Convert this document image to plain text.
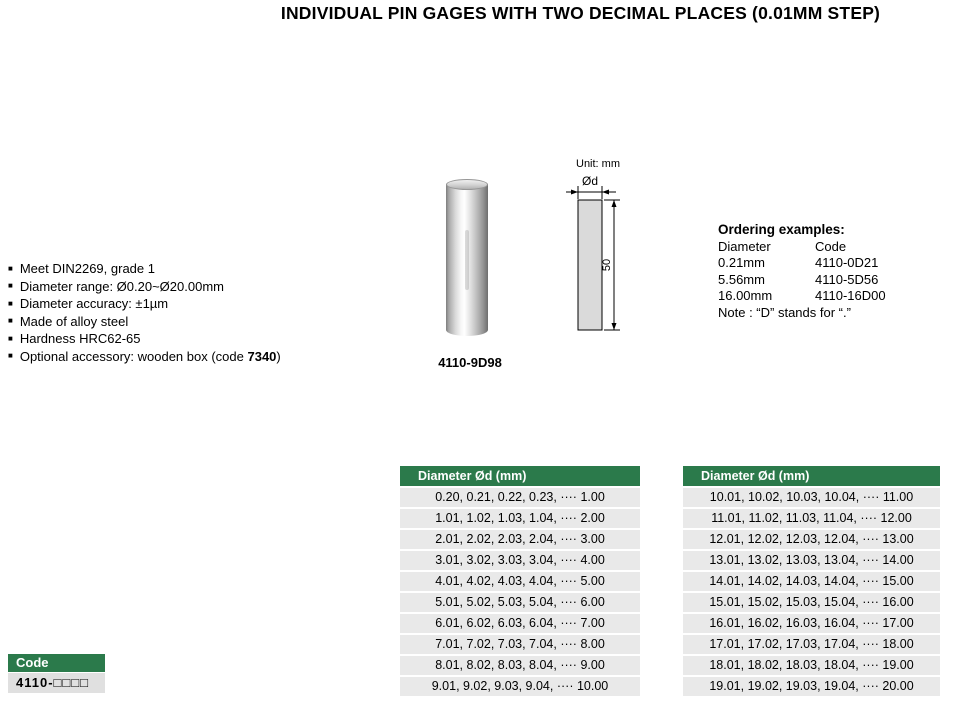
INDIVIDUAL PIN GAGES WITH TWO DECIMAL PLACES (0.01MM STEP)
■ Meet DIN2269, grade 1
■ Diameter range: Ø0.20~Ø20.00mm
■ Diameter accuracy: ±1µm
■ Made of alloy steel
■ Hardness HRC62-65
■ Optional accessory: wooden box (code 7340)	4110-9D98
Unit: mm
Ød
50
Ordering examples:
Diameter	Code
0.21mm	4110-0D21
5.56mm	4110-5D56
16.00mm	4110-16D00
Note : “D” stands for “.”
Diameter Ød (mm)
0.20, 0.21, 0.22, 0.23, ···· 1.00
1.01, 1.02, 1.03, 1.04, ···· 2.00
2.01, 2.02, 2.03, 2.04, ···· 3.00
3.01, 3.02, 3.03, 3.04, ···· 4.00
4.01, 4.02, 4.03, 4.04, ···· 5.00
5.01, 5.02, 5.03, 5.04, ···· 6.00
6.01, 6.02, 6.03, 6.04, ···· 7.00
7.01, 7.02, 7.03, 7.04, ···· 8.00
8.01, 8.02, 8.03, 8.04, ···· 9.00
9.01, 9.02, 9.03, 9.04, ···· 10.00
Diameter Ød (mm)
10.01, 10.02, 10.03, 10.04, ···· 11.00
11.01, 11.02, 11.03, 11.04, ···· 12.00
12.01, 12.02, 12.03, 12.04, ···· 13.00
13.01, 13.02, 13.03, 13.04, ···· 14.00
14.01, 14.02, 14.03, 14.04, ···· 15.00
15.01, 15.02, 15.03, 15.04, ···· 16.00
16.01, 16.02, 16.03, 16.04, ···· 17.00
17.01, 17.02, 17.03, 17.04, ···· 18.00
18.01, 18.02, 18.03, 18.04, ···· 19.00
19.01, 19.02, 19.03, 19.04, ···· 20.00
Code
4110-□□□□
